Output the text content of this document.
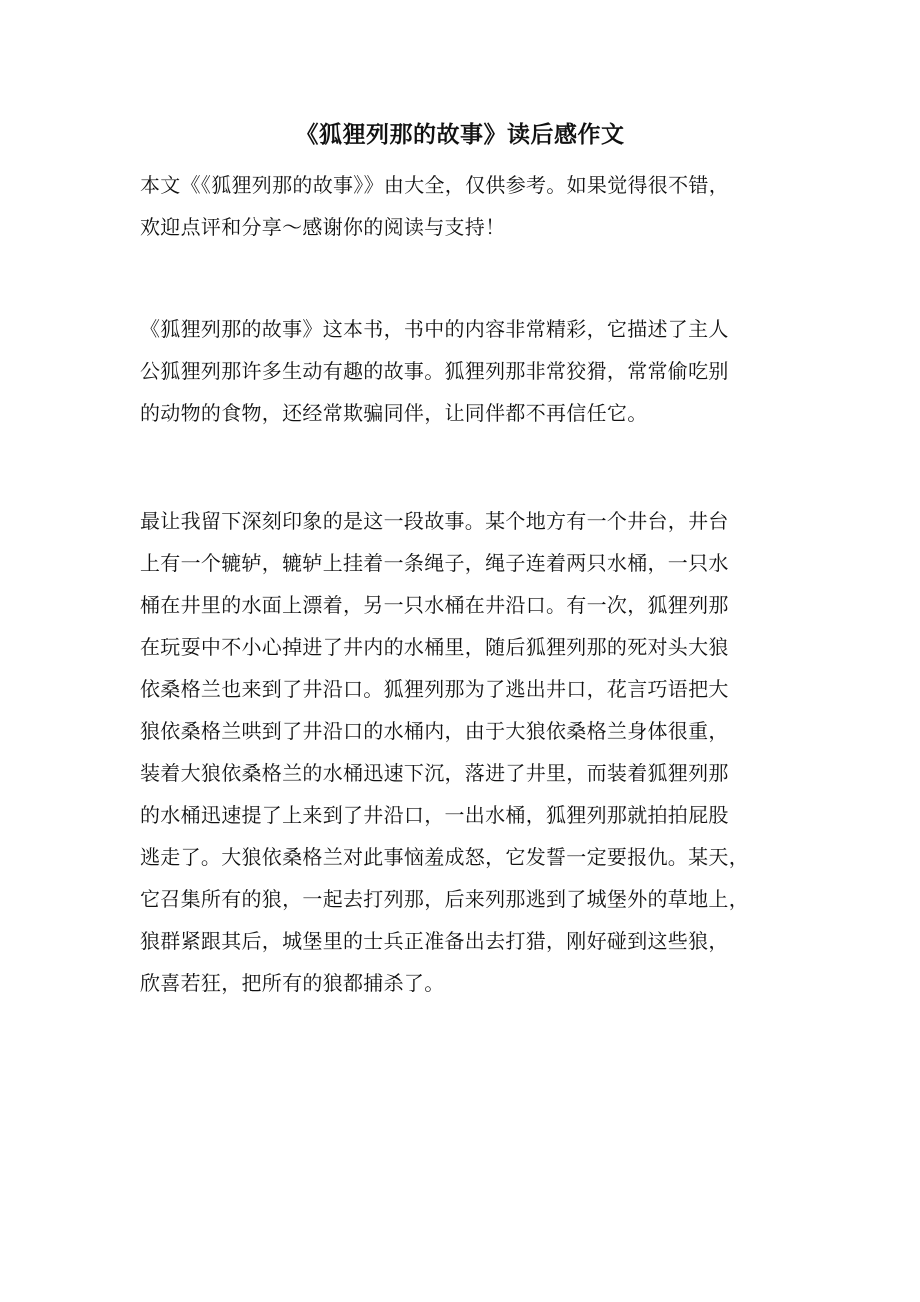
《狐狸列那的故事》读后感作文
本文《《狐狸列那的故事》》由大全，仅供参考。如果觉得很不错，
欢迎点评和分享～感谢你的阅读与支持！
《狐狸列那的故事》这本书，书中的内容非常精彩，它描述了主人
公狐狸列那许多生动有趣的故事。狐狸列那非常狡猾，常常偷吃别
的动物的食物，还经常欺骗同伴，让同伴都不再信任它。
最让我留下深刻印象的是这一段故事。某个地方有一个井台，井台
上有一个辘轳，辘轳上挂着一条绳子，绳子连着两只水桶，一只水
桶在井里的水面上漂着，另一只水桶在井沿口。有一次，狐狸列那
在玩耍中不小心掉进了井内的水桶里，随后狐狸列那的死对头大狼
依桑格兰也来到了井沿口。狐狸列那为了逃出井口，花言巧语把大
狼依桑格兰哄到了井沿口的水桶内，由于大狼依桑格兰身体很重，
装着大狼依桑格兰的水桶迅速下沉，落进了井里，而装着狐狸列那
的水桶迅速提了上来到了井沿口，一出水桶，狐狸列那就拍拍屁股
逃走了。大狼依桑格兰对此事恼羞成怒，它发誓一定要报仇。某天，
它召集所有的狼，一起去打列那，后来列那逃到了城堡外的草地上，
狼群紧跟其后，城堡里的士兵正准备出去打猎，刚好碰到这些狼，
欣喜若狂，把所有的狼都捕杀了。
